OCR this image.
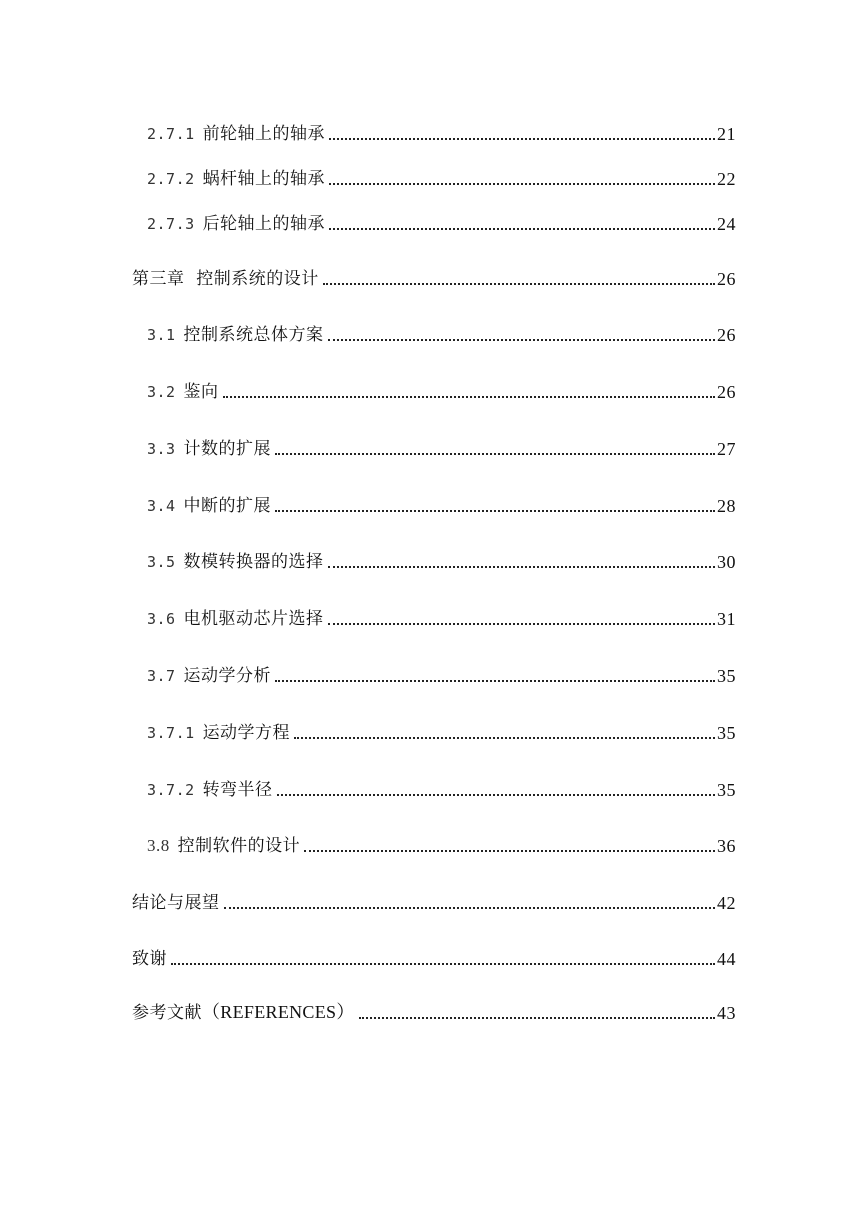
2.7.1 前轮轴上的轴承	21
2.7.2 蜗杆轴上的轴承	22
2.7.3 后轮轴上的轴承	24
第三章  控制系统的设计	26
3.1 控制系统总体方案	26
3.2 鉴向	26
3.3 计数的扩展	27
3.4 中断的扩展	28
3.5 数模转换器的选择	30
3.6 电机驱动芯片选择	31
3.7 运动学分析	35
3.7.1 运动学方程	35
3.7.2 转弯半径	35
3.8 控制软件的设计	36
结论与展望	42
致谢	44
参考文献（REFERENCES）	43
